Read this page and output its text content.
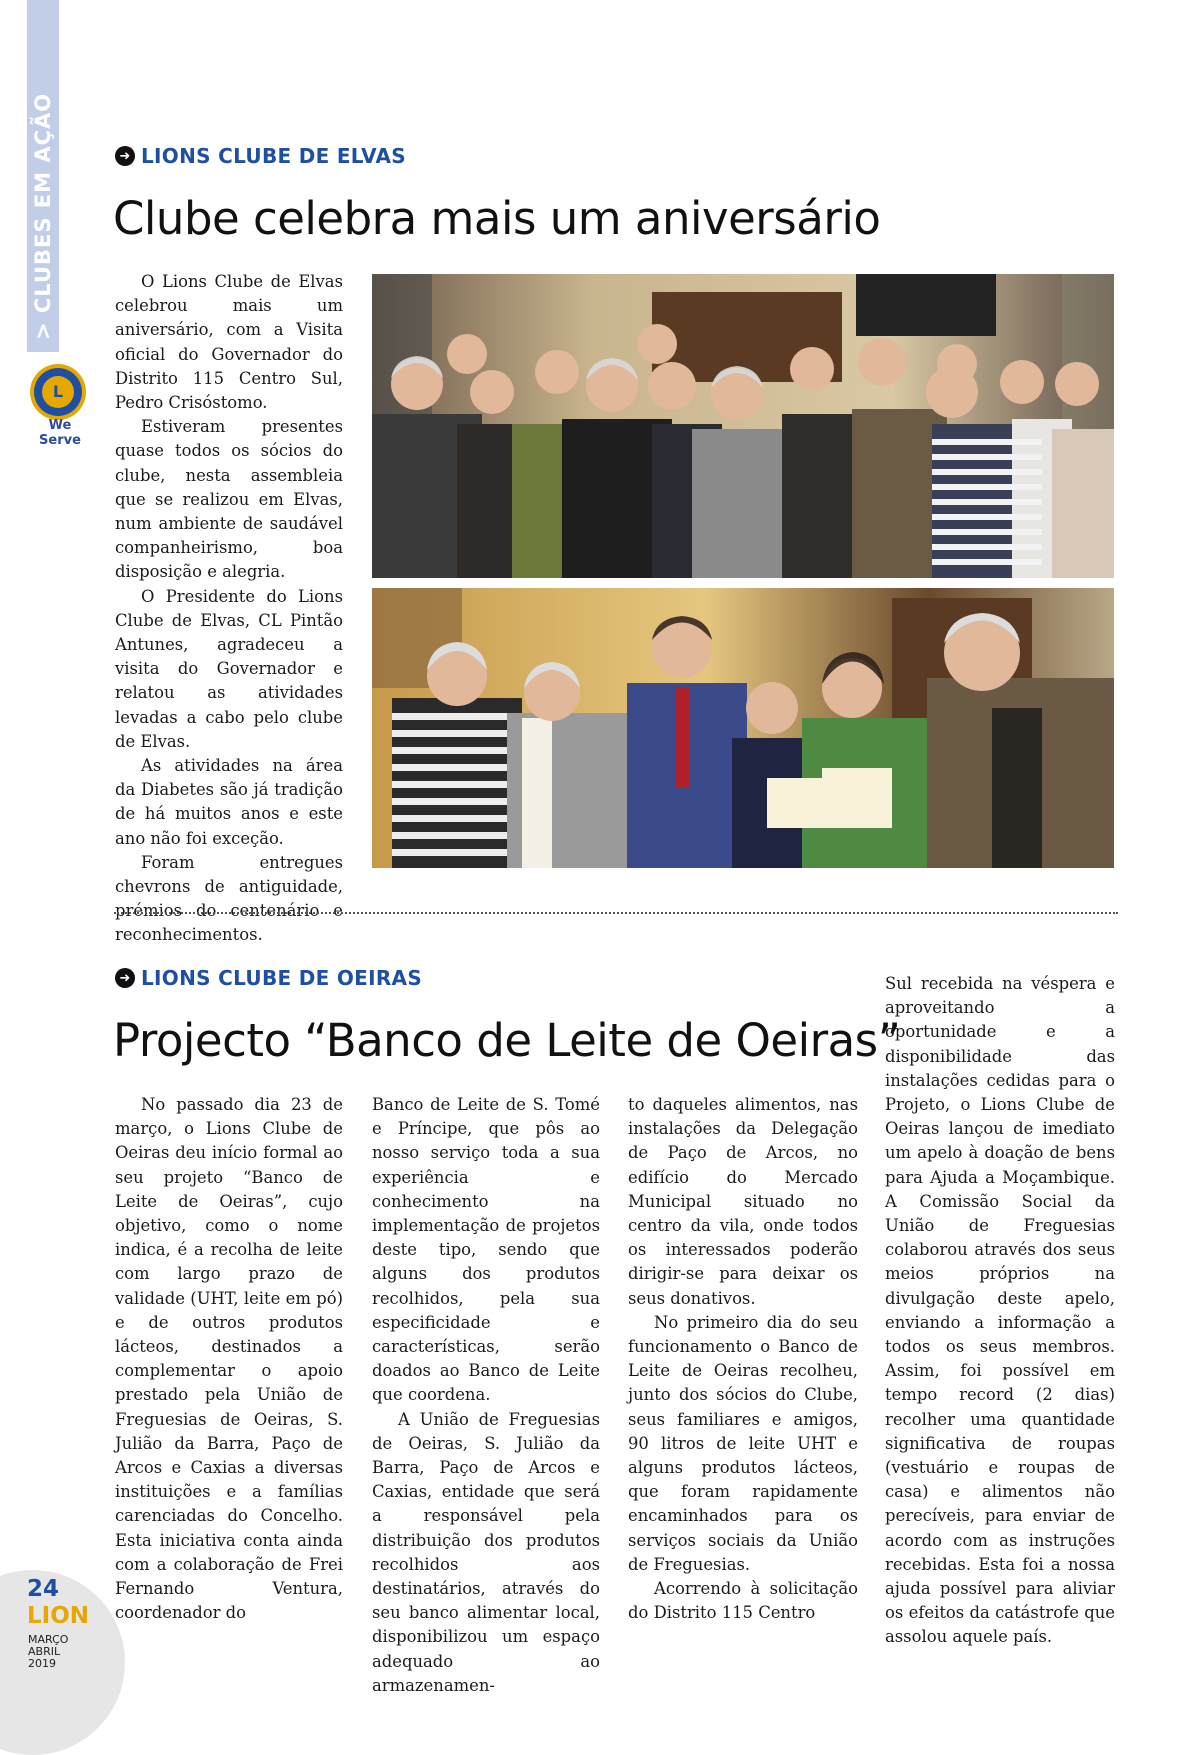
> CLUBES EM AÇÃO
L
We Serve
➜ LIONS CLUBE DE ELVAS
Clube celebra mais um aniversário

O Lions Clube de Elvas celebrou mais um aniversário, com a Visita oficial do Governador do Distrito 115 Centro Sul, Pedro Crisóstomo.

Estiveram presentes quase todos os sócios do clube, nesta assembleia que se realizou em Elvas, num ambiente de saudável companheirismo, boa disposição e alegria.

O Presidente do Lions Clube de Elvas, CL Pintão Antunes, agradeceu a visita do Governador e relatou as atividades levadas a cabo pelo clube de Elvas.

As atividades na área da Diabetes são já tradição de há muitos anos e este ano não foi exceção.

Foram entregues chevrons de antiguidade, prémios do centenário e reconhecimentos.

➜ LIONS CLUBE DE OEIRAS
Projecto “Banco de Leite de Oeiras”

No passado dia 23 de março, o Lions Clube de Oeiras deu início formal ao seu projeto “Banco de Leite de Oeiras”, cujo objetivo, como o nome indica, é a recolha de leite com largo prazo de validade (UHT, leite em pó) e de outros produtos lácteos, destinados a complementar o apoio prestado pela União de Freguesias de Oeiras, S. Julião da Barra, Paço de Arcos e Caxias a diversas instituições e a famílias carenciadas do Concelho. Esta iniciativa conta ainda com a colaboração de Frei Fernando Ventura, coordenador do

Banco de Leite de S. Tomé e Príncipe, que pôs ao nosso serviço toda a sua experiência e conhecimento na implementação de projetos deste tipo, sendo que alguns dos produtos recolhidos, pela sua especificidade e características, serão doados ao Banco de Leite que coordena.

A União de Freguesias de Oeiras, S. Julião da Barra, Paço de Arcos e Caxias, entidade que será a responsável pela distribuição dos produtos recolhidos aos destinatários, através do seu banco alimentar local, disponibilizou um espaço adequado ao armazenamen-

to daqueles alimentos, nas instalações da Delegação de Paço de Arcos, no edifício do Mercado Municipal situado no centro da vila, onde todos os interessados poderão dirigir-se para deixar os seus donativos.

No primeiro dia do seu funcionamento o Banco de Leite de Oeiras recolheu, junto dos sócios do Clube, seus familiares e amigos, 90 litros de leite UHT e alguns produtos lácteos, que foram rapidamente encaminhados para os serviços sociais da União de Freguesias.

Acorrendo à solicitação do Distrito 115 Centro

Sul recebida na véspera e aproveitando a oportunidade e a disponibilidade das instalações cedidas para o Projeto, o Lions Clube de Oeiras lançou de imediato um apelo à doação de bens para Ajuda a Moçambique. A Comissão Social da União de Freguesias colaborou através dos seus meios próprios na divulgação deste apelo, enviando a informação a todos os seus membros. Assim, foi possível em tempo record (2 dias) recolher uma quantidade significativa de roupas (vestuário e roupas de casa) e alimentos não perecíveis, para enviar de acordo com as instruções recebidas. Esta foi a nossa ajuda possível para aliviar os efeitos da catástrofe que assolou aquele país.

24
LION
MARÇO
ABRIL
2019
